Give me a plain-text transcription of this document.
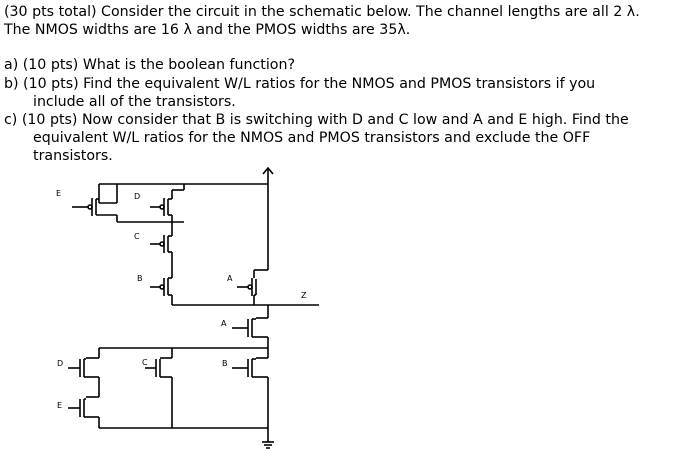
(30 pts total) Consider the circuit in the schematic below. The channel lengths are all 2 λ.
The NMOS widths are 16 λ and the PMOS widths are 35λ.
a) (10 pts) What is the boolean function?
b) (10 pts) Find the equivalent W/L ratios for the NMOS and PMOS transistors if you
include all of the transistors.
c) (10 pts) Now consider that B is switching with D and C low and A and E high. Find the
equivalent W/L ratios for the NMOS and PMOS transistors and exclude the OFF
transistors.
E	D
C
B	A
Z
A
D	C	B
E
